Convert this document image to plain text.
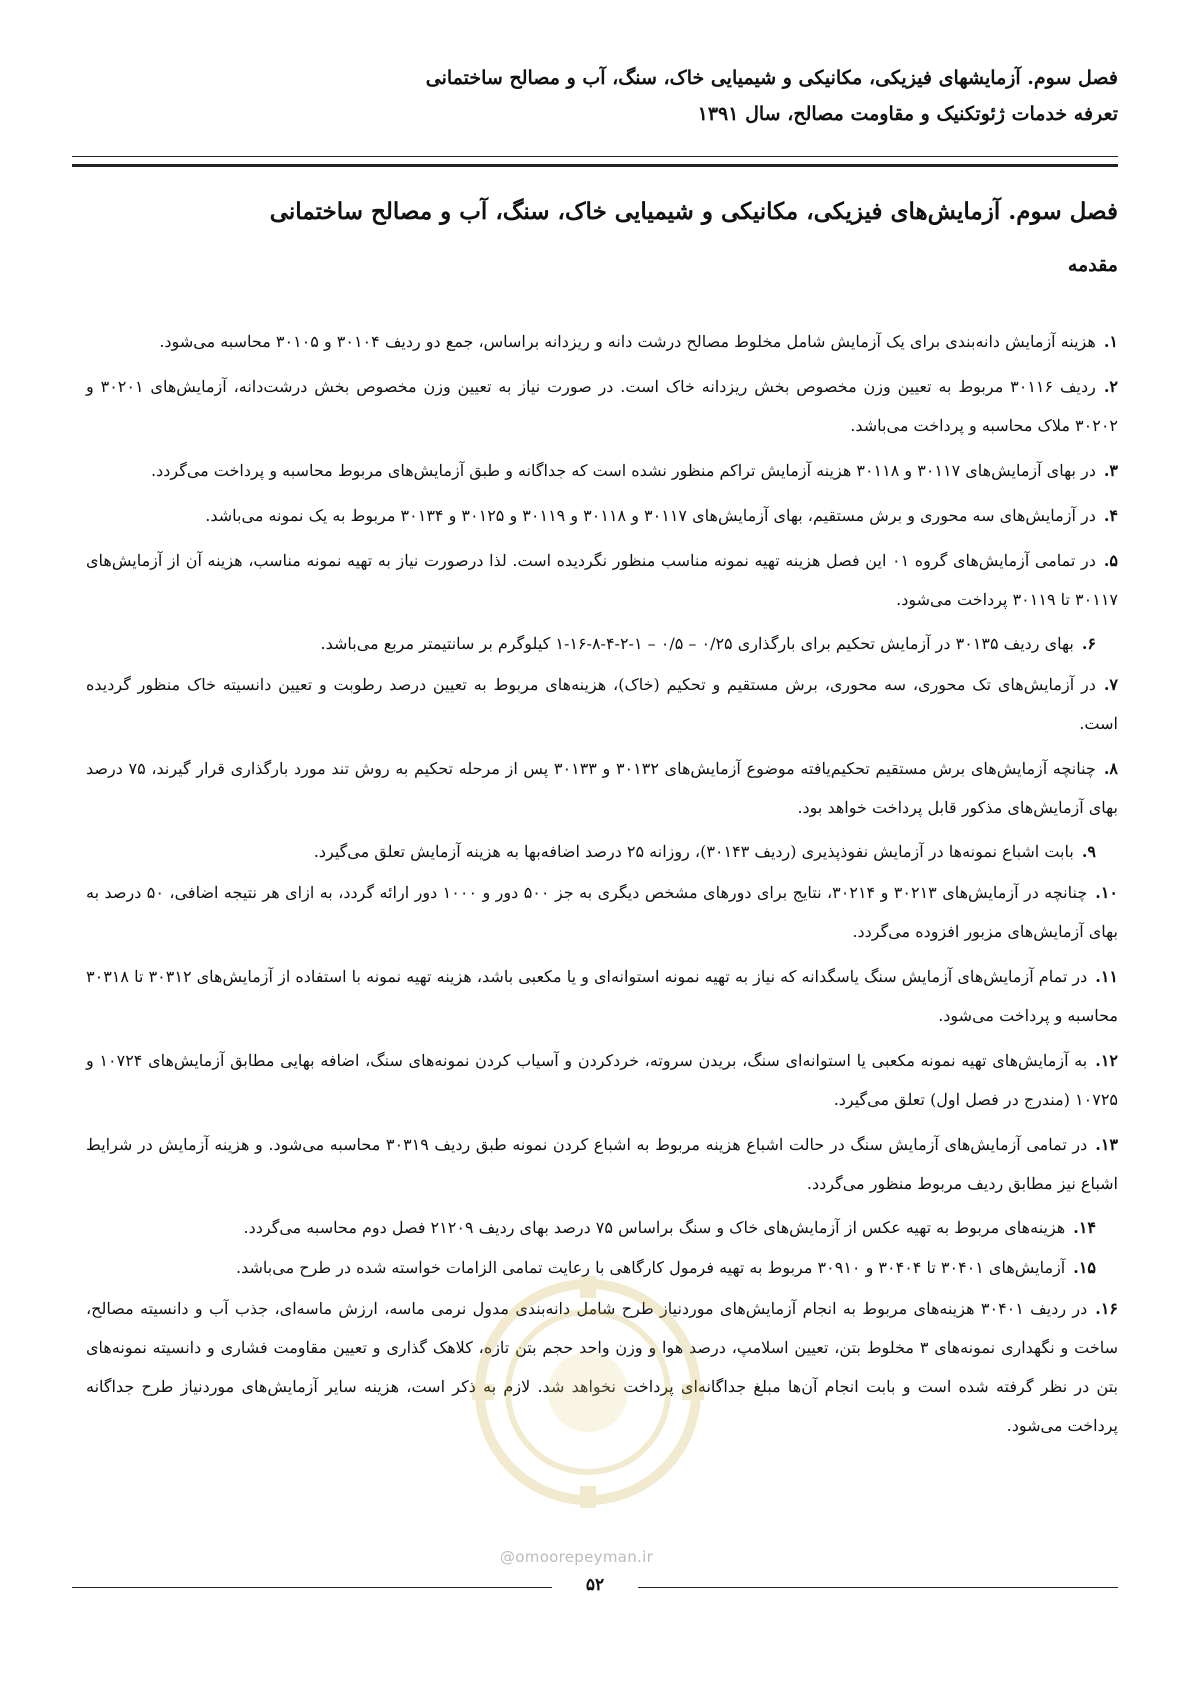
فصل سوم. آزمایشهای فیزیکی، مکانیکی و شیمیایی خاک، سنگ، آب و مصالح ساختمانی
تعرفه خدمات ژئوتکنیک و مقاومت مصالح، سال ۱۳۹۱
فصل سوم. آزمایش‌های فیزیکی، مکانیکی و شیمیایی خاک، سنگ، آب و مصالح ساختمانی
مقدمه

۱.هزینه آزمایش دانه‌بندی برای یک آزمایش شامل مخلوط مصالح درشت دانه و ریزدانه براساس، جمع دو ردیف ۳۰۱۰۴ و ۳۰۱۰۵ محاسبه می‌شود.

۲.ردیف ۳۰۱۱۶ مربوط به تعیین وزن مخصوص بخش ریزدانه خاک است. در صورت نیاز به تعیین وزن مخصوص بخش درشت‌دانه، آزمایش‌های ۳۰۲۰۱ و ۳۰۲۰۲ ملاک محاسبه و پرداخت می‌باشد.

۳.در بهای آزمایش‌های ۳۰۱۱۷ و ۳۰۱۱۸ هزینه آزمایش تراکم منظور نشده است که جداگانه و طبق آزمایش‌های مربوط محاسبه و پرداخت می‌گردد.

۴.در آزمایش‌های سه محوری و برش مستقیم، بهای آزمایش‌های ۳۰۱۱۷ و ۳۰۱۱۸ و ۳۰۱۱۹ و ۳۰۱۲۵ و ۳۰۱۳۴ مربوط به یک نمونه می‌باشد.

۵.در تمامی آزمایش‌های گروه ۰۱ این فصل هزینه تهیه نمونه مناسب منظور نگردیده است. لذا درصورت نیاز به تهیه نمونه مناسب، هزینه آن از آزمایش‌های ۳۰۱۱۷ تا ۳۰۱۱۹ پرداخت می‌شود.

۶.بهای ردیف ۳۰۱۳۵ در آزمایش تحکیم برای بارگذاری ۰/۲۵ – ۰/۵ – ۱-۲-۴-۸-۱۶-۱ کیلوگرم بر سانتیمتر مربع می‌باشد.

۷.در آزمایش‌های تک محوری، سه محوری، برش مستقیم و تحکیم (خاک)، هزینه‌های مربوط به تعیین درصد رطوبت و تعیین دانسیته خاک منظور گردیده است.

۸.چنانچه آزمایش‌های برش مستقیم تحکیم‌یافته موضوع آزمایش‌های ۳۰۱۳۲ و ۳۰۱۳۳ پس از مرحله تحکیم به روش تند مورد بارگذاری قرار گیرند، ۷۵ درصد بهای آزمایش‌های مذکور قابل پرداخت خواهد بود.

۹.بابت اشباع نمونه‌ها در آزمایش نفوذپذیری (ردیف ۳۰۱۴۳)، روزانه ۲۵ درصد اضافه‌بها به هزینه آزمایش تعلق می‌گیرد.

۱۰.چنانچه در آزمایش‌های ۳۰۲۱۳ و ۳۰۲۱۴، نتایج برای دورهای مشخص دیگری به جز ۵۰۰ دور و ۱۰۰۰ دور ارائه گردد، به ازای هر نتیجه اضافی، ۵۰ درصد به بهای آزمایش‌های مزبور افزوده می‌گردد.

۱۱.در تمام آزمایش‌های آزمایش سنگ یاسگدانه که نیاز به تهیه نمونه استوانه‌ای و یا مکعبی باشد، هزینه تهیه نمونه با استفاده از آزمایش‌های ۳۰۳۱۲ تا ۳۰۳۱۸ محاسبه و پرداخت می‌شود.

۱۲.به آزمایش‌های تهیه نمونه مکعبی یا استوانه‌ای سنگ، بریدن سروته، خردکردن و آسیاب کردن نمونه‌های سنگ، اضافه بهایی مطابق آزمایش‌های ۱۰۷۲۴ و ۱۰۷۲۵ (مندرج در فصل اول) تعلق می‌گیرد.

۱۳.در تمامی آزمایش‌های آزمایش سنگ در حالت اشباع هزینه مربوط به اشباع کردن نمونه طبق ردیف ۳۰۳۱۹ محاسبه می‌شود. و هزینه آزمایش در شرایط اشباع نیز مطابق ردیف مربوط منظور می‌گردد.

۱۴.هزینه‌های مربوط به تهیه عکس از آزمایش‌های خاک و سنگ براساس ۷۵ درصد بهای ردیف ۲۱۲۰۹ فصل دوم محاسبه می‌گردد.

۱۵.آزمایش‌های ۳۰۴۰۱ تا ۳۰۴۰۴ و ۳۰۹۱۰ مربوط به تهیه فرمول کارگاهی با رعایت تمامی الزامات خواسته شده در طرح می‌باشد.

۱۶.در ردیف ۳۰۴۰۱ هزینه‌های مربوط به انجام آزمایش‌های موردنیاز طرح شامل دانه‌بندی مدول نرمی ماسه، ارزش ماسه‌ای، جذب آب و دانسیته مصالح، ساخت و نگهداری نمونه‌های ۳ مخلوط بتن، تعیین اسلامپ، درصد هوا و وزن واحد حجم بتن تازه، کلاهک گذاری و تعیین مقاومت فشاری و دانسیته نمونه‌های بتن در نظر گرفته شده است و بابت انجام آن‌ها مبلغ جداگانه‌ای پرداخت نخواهد شد. لازم به ذکر است، هزینه سایر آزمایش‌های موردنیاز طرح جداگانه پرداخت می‌شود.

@omoorepeyman.ir
۵۲
